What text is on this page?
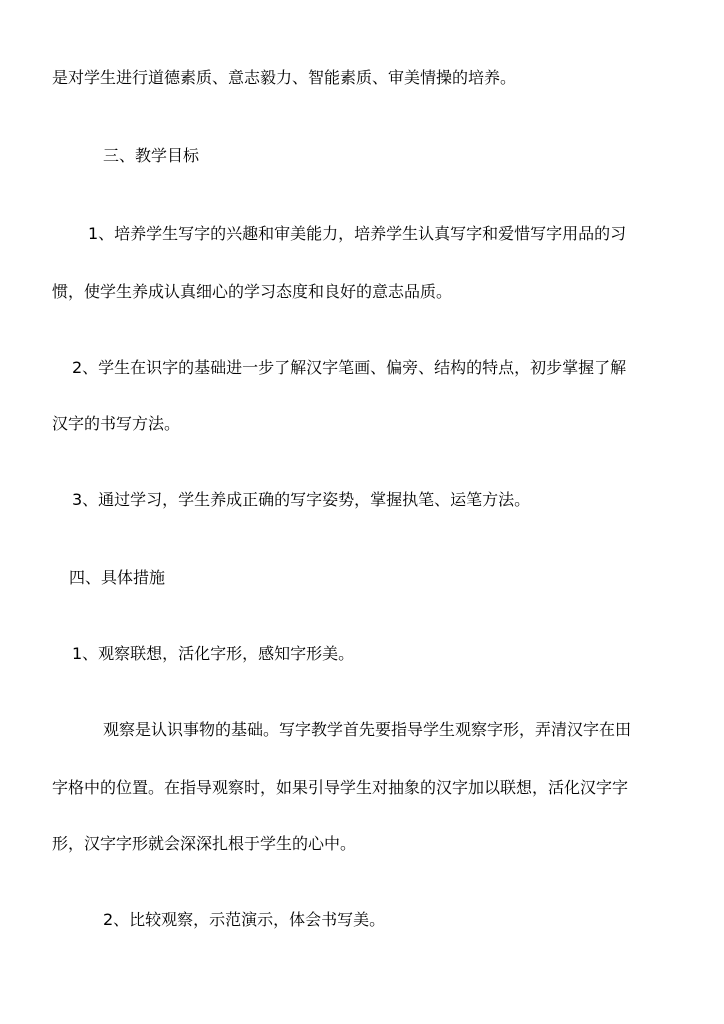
是对学生进行道德素质、意志毅力、智能素质、审美情操的培养。
三、教学目标
1、培养学生写字的兴趣和审美能力，培养学生认真写字和爱惜写字用品的习
惯，使学生养成认真细心的学习态度和良好的意志品质。
2、学生在识字的基础进一步了解汉字笔画、偏旁、结构的特点，初步掌握了解
汉字的书写方法。
3、通过学习，学生养成正确的写字姿势，掌握执笔、运笔方法。
四、具体措施
1、观察联想，活化字形，感知字形美。
观察是认识事物的基础。写字教学首先要指导学生观察字形，弄清汉字在田
字格中的位置。在指导观察时，如果引导学生对抽象的汉字加以联想，活化汉字字
形，汉字字形就会深深扎根于学生的心中。
2、比较观察，示范演示，体会书写美。
